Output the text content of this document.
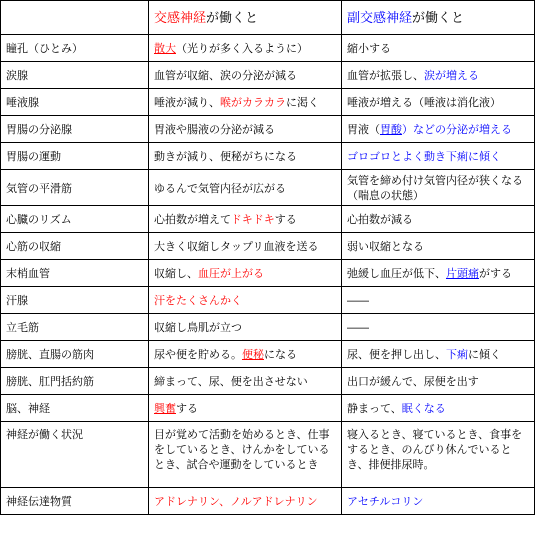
	交感神経が働くと	副交感神経が働くと
瞳孔（ひとみ）	散大（光りが多く入るように）	縮小する
涙腺	血管が収縮、涙の分泌が減る	血管が拡張し、涙が増える
唾液腺	唾液が減り、喉がカラカラに渇く	唾液が増える（唾液は消化液）
胃腸の分泌腺	胃液や腸液の分泌が減る	胃液（胃酸）などの分泌が増える
胃腸の運動	動きが減り、便秘がちになる	ゴロゴロとよく動き下痢に傾く
気管の平滑筋	ゆるんで気管内径が広がる	気管を締め付け気管内径が狭くなる（喘息の状態）
心臓のリズム	心拍数が増えてドキドキする	心拍数が減る
心筋の収縮	大きく収縮しタップリ血液を送る	弱い収縮となる
末梢血管	収縮し、血圧が上がる	弛緩し血圧が低下、片頭痛がする
汗腺	汗をたくさんかく	――
立毛筋	収縮し鳥肌が立つ	――
膀胱、直腸の筋肉	尿や便を貯める。便秘になる	尿、便を押し出し、下痢に傾く
膀胱、肛門括約筋	締まって、尿、便を出させない	出口が緩んで、尿便を出す
脳、神経	興奮する	静まって、眠くなる
神経が働く状況	目が覚めて活動を始めるとき、仕事をしているとき、けんかをしているとき、試合や運動をしているとき	寝入るとき、寝ているとき、食事をするとき、のんびり休んでいるとき、排便排尿時。
神経伝達物質	アドレナリン、ノルアドレナリン	アセチルコリン
